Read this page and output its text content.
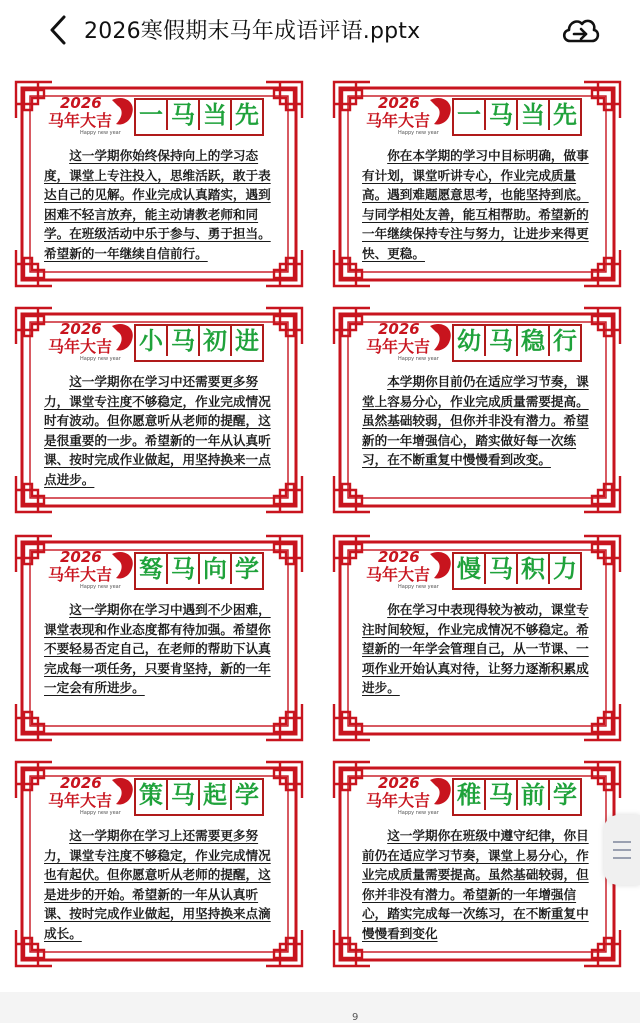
2026寒假期末马年成语评语.pptx
2026
马年大吉
Happy new year
一 马 当 先
这一学期你始终保持向上的学习态度，课堂上专注投入，思维活跃，敢于表达自己的见解。作业完成认真踏实，遇到困难不轻言放弃，能主动请教老师和同学。在班级活动中乐于参与、勇于担当。希望新的一年继续自信前行。
2026
马年大吉
Happy new year
一 马 当 先
你在本学期的学习中目标明确，做事有计划，课堂听讲专心，作业完成质量高。遇到难题愿意思考，也能坚持到底。与同学相处友善，能互相帮助。希望新的一年继续保持专注与努力，让进步来得更快、更稳。
2026
马年大吉
Happy new year
小 马 初 进
这一学期你在学习中还需要更多努力，课堂专注度不够稳定，作业完成情况时有波动。但你愿意听从老师的提醒，这是很重要的一步。希望新的一年从认真听课、按时完成作业做起，用坚持换来一点点进步。
2026
马年大吉
Happy new year
幼 马 稳 行
本学期你目前仍在适应学习节奏，课堂上容易分心，作业完成质量需要提高。虽然基础较弱，但你并非没有潜力。希望新的一年增强信心，踏实做好每一次练习，在不断重复中慢慢看到改变。
2026
马年大吉
Happy new year
驽 马 向 学
这一学期你在学习中遇到不少困难，课堂表现和作业态度都有待加强。希望你不要轻易否定自己，在老师的帮助下认真完成每一项任务，只要肯坚持，新的一年一定会有所进步。
2026
马年大吉
Happy new year
慢 马 积 力
你在学习中表现得较为被动，课堂专注时间较短，作业完成情况不够稳定。希望新的一年学会管理自己，从一节课、一项作业开始认真对待，让努力逐渐积累成进步。
2026
马年大吉
Happy new year
策 马 起 学
这一学期你在学习上还需要更多努力，课堂专注度不够稳定，作业完成情况也有起伏。但你愿意听从老师的提醒，这是进步的开始。希望新的一年从认真听课、按时完成作业做起，用坚持换来点滴成长。
2026
马年大吉
Happy new year
稚 马 前 学
这一学期你在班级中遵守纪律，你目前仍在适应学习节奏，课堂上易分心，作业完成质量需要提高。虽然基础较弱，但你并非没有潜力。希望新的一年增强信心，踏实完成每一次练习，在不断重复中慢慢看到变化
9
